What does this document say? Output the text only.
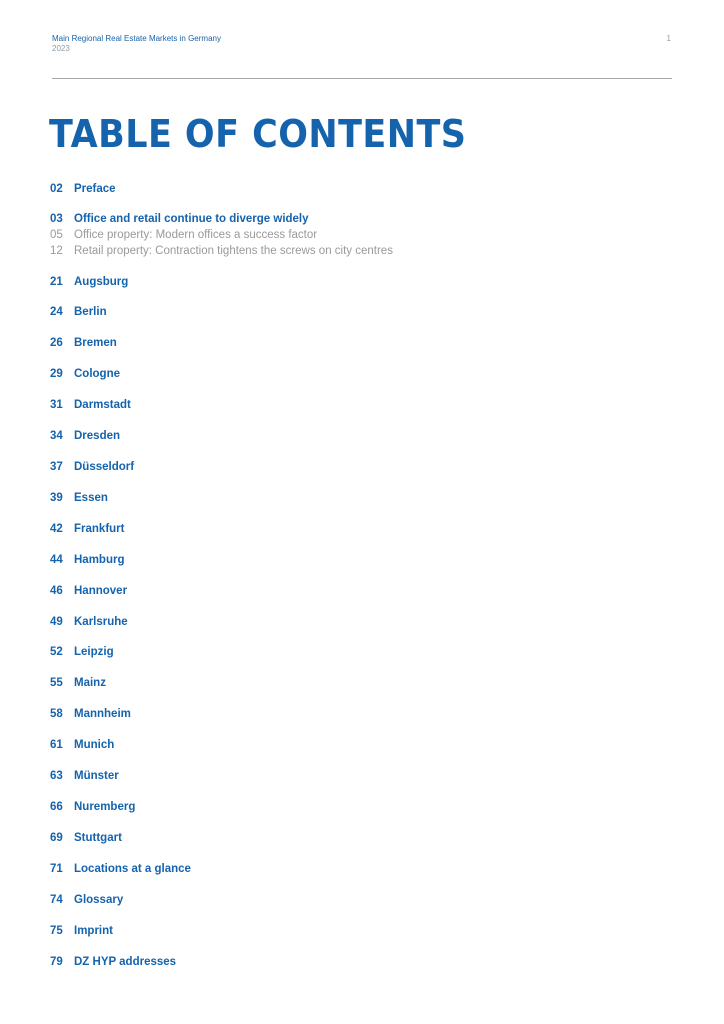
Main Regional Real Estate Markets in Germany
2023
1
TABLE OF CONTENTS
02 Preface
03 Office and retail continue to diverge widely
05 Office property: Modern offices a success factor
12 Retail property: Contraction tightens the screws on city centres
21 Augsburg
24 Berlin
26 Bremen
29 Cologne
31 Darmstadt
34 Dresden
37 Düsseldorf
39 Essen
42 Frankfurt
44 Hamburg
46 Hannover
49 Karlsruhe
52 Leipzig
55 Mainz
58 Mannheim
61 Munich
63 Münster
66 Nuremberg
69 Stuttgart
71 Locations at a glance
74 Glossary
75 Imprint
79 DZ HYP addresses
